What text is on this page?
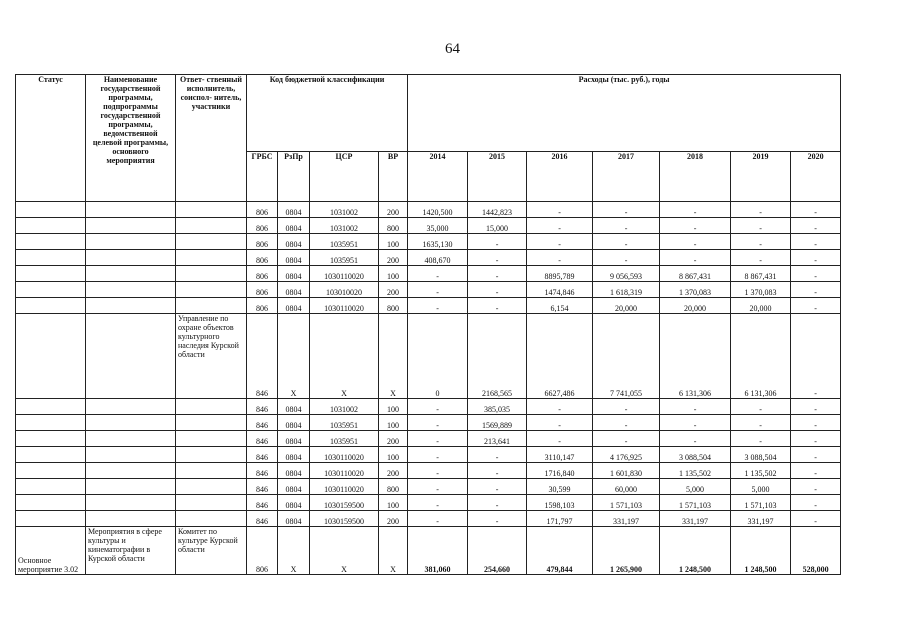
64
Статус	Наименование государственной программы, подпрограммы государственной программы, ведомственной целевой программы, основного мероприятия	Ответ- ственный исполнитель, соиспол- нитель, участники	Код бюджетной классификации				Расходы (тыс. руб.), годы						
			ГРБС	РзПр	ЦСР	ВР	2014	2015	2016	2017	2018	2019	2020
			806	0804	1031002	200	1420,500	1442,823	-	-	-	-	-
			806	0804	1031002	800	35,000	15,000	-	-	-	-	-
			806	0804	1035951	100	1635,130	-	-	-	-	-	-
			806	0804	1035951	200	408,670	-	-	-	-	-	-
			806	0804	1030110020	100	-	-	8895,789	9 056,593	8 867,431	8 867,431	-
			806	0804	103010020	200	-	-	1474,846	1 618,319	1 370,083	1 370,083	-
			806	0804	1030110020	800	-	-	6,154	20,000	20,000	20,000	-
		Управление по охране объектов культурного наследия Курской области	846	Х	Х	Х	0	2168,565	6627,486	7 741,055	6 131,306	6 131,306	-
			846	0804	1031002	100	-	385,035	-	-	-	-	-
			846	0804	1035951	100	-	1569,889	-	-	-	-	-
			846	0804	1035951	200	-	213,641	-	-	-	-	-
			846	0804	1030110020	100	-	-	3110,147	4 176,925	3 088,504	3 088,504	-
			846	0804	1030110020	200	-	-	1716,840	1 601,830	1 135,502	1 135,502	-
			846	0804	1030110020	800	-	-	30,599	60,000	5,000	5,000	-
			846	0804	1030159500	100	-	-	1598,103	1 571,103	1 571,103	1 571,103	-
			846	0804	1030159500	200	-	-	171,797	331,197	331,197	331,197	-
Основное мероприятие 3.02	Мероприятия в сфере культуры и кинематографии в Курской области	Комитет по культуре Курской области	806	Х	Х	Х	381,060	254,660	479,844	1 265,900	1 248,500	1 248,500	528,000
